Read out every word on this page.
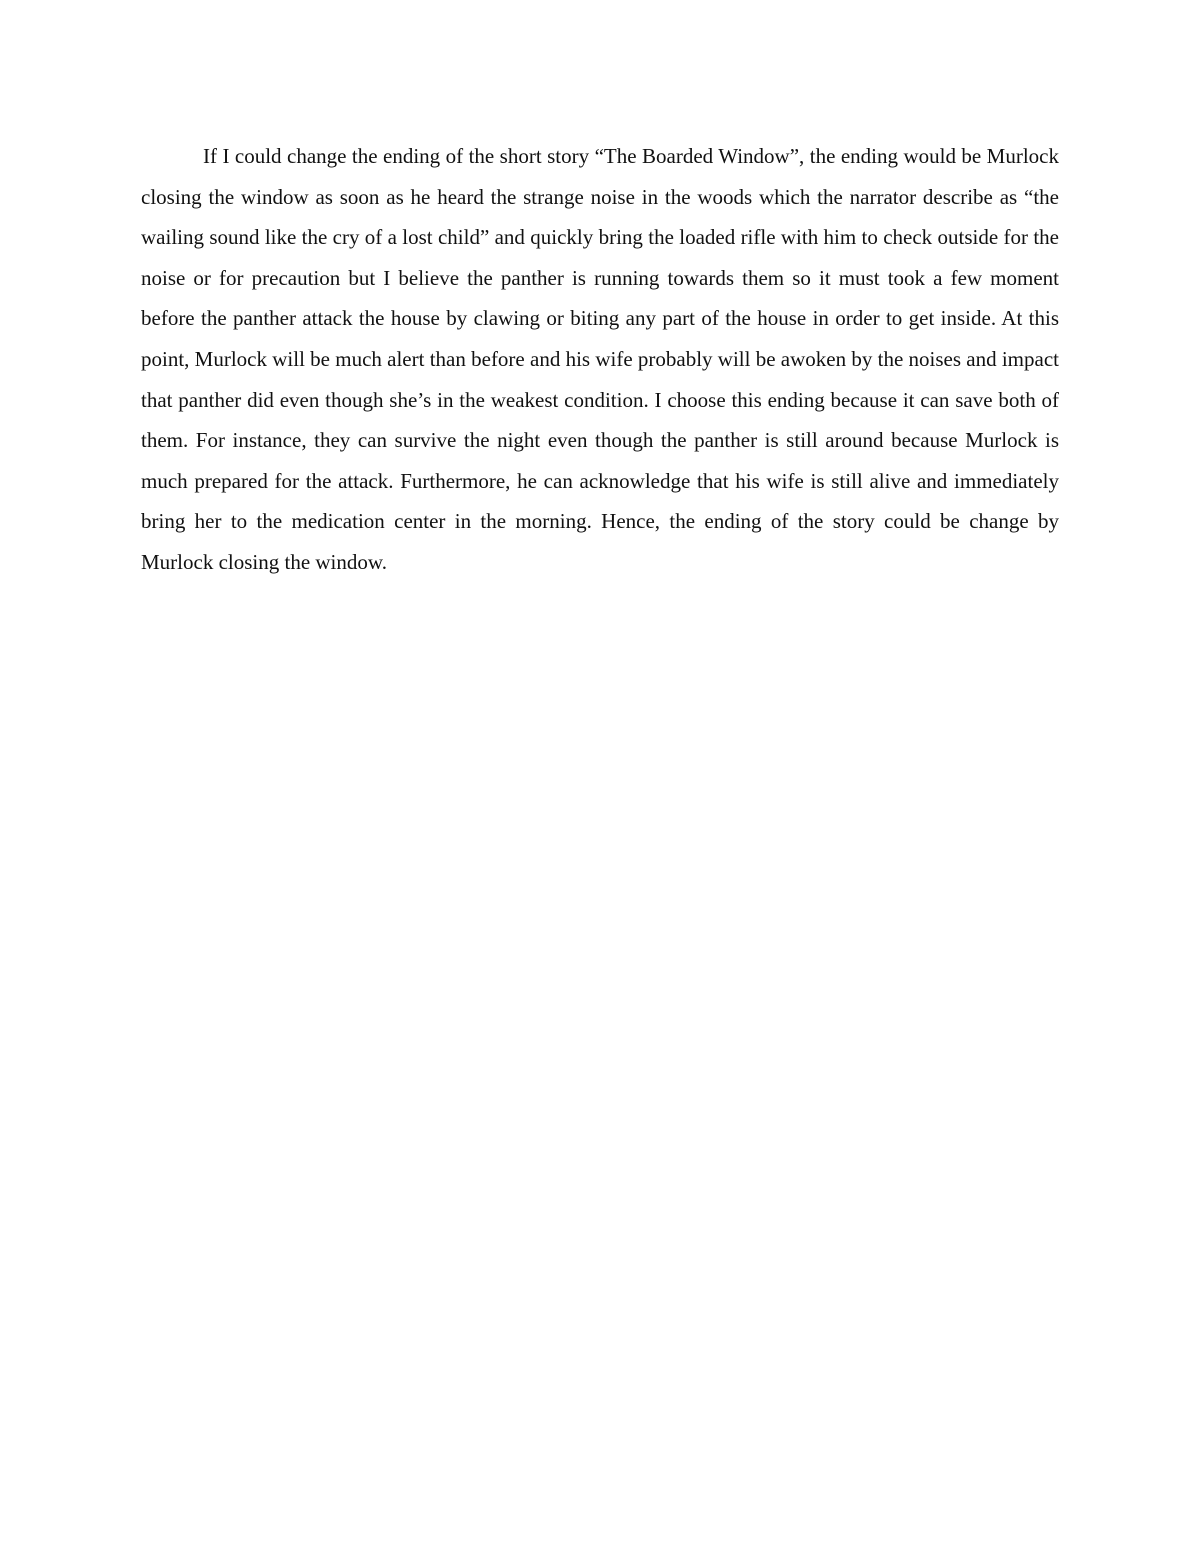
If I could change the ending of the short story “The Boarded Window”, the ending would be Murlock closing the window as soon as he heard the strange noise in the woods which the narrator describe as “the wailing sound like the cry of a lost child” and quickly bring the loaded rifle with him to check outside for the noise or for precaution but I believe the panther is running towards them so it must took a few moment before the panther attack the house by clawing or biting any part of the house in order to get inside. At this point, Murlock will be much alert than before and his wife probably will be awoken by the noises and impact that panther did even though she’s in the weakest condition. I choose this ending because it can save both of them. For instance, they can survive the night even though the panther is still around because Murlock is much prepared for the attack. Furthermore, he can acknowledge that his wife is still alive and immediately bring her to the medication center in the morning. Hence, the ending of the story could be change by Murlock closing the window.
